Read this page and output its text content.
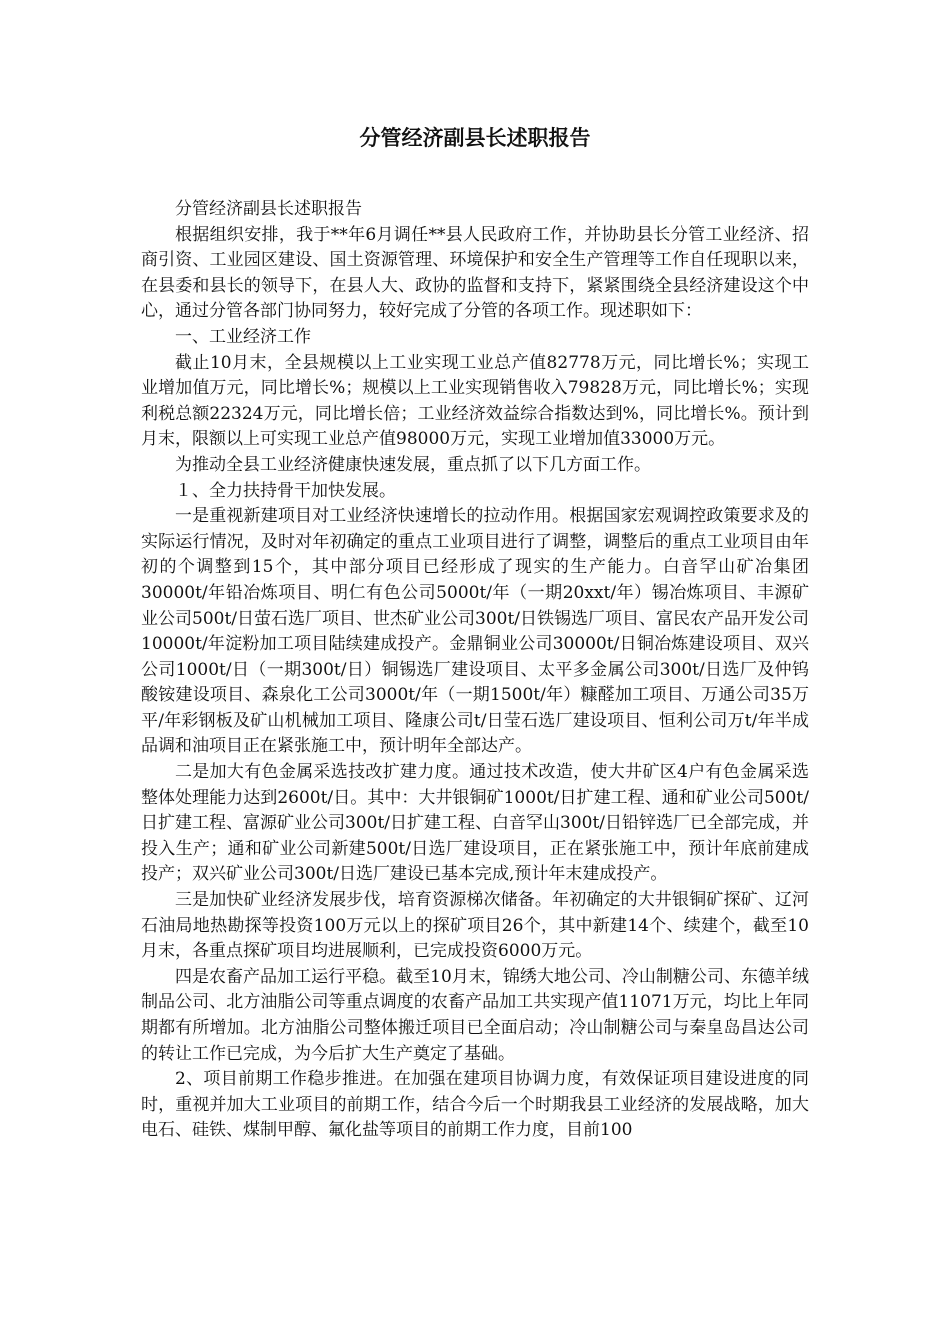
分管经济副县长述职报告

分管经济副县长述职报告

根据组织安排，我于**年6月调任**县人民政府工作，并协助县长分管工业经济、招商引资、工业园区建设、国土资源管理、环境保护和安全生产管理等工作自任现职以来，在县委和县长的领导下，在县人大、政协的监督和支持下，紧紧围绕全县经济建设这个中心，通过分管各部门协同努力，较好完成了分管的各项工作。现述职如下：

一、工业经济工作

截止10月末，全县规模以上工业实现工业总产值82778万元，同比增长%；实现工业增加值万元，同比增长%；规模以上工业实现销售收入79828万元，同比增长%；实现利税总额22324万元，同比增长倍；工业经济效益综合指数达到%，同比增长%。预计到月末，限额以上可实现工业总产值98000万元，实现工业增加值33000万元。

为推动全县工业经济健康快速发展，重点抓了以下几方面工作。

１、全力扶持骨干加快发展。

一是重视新建项目对工业经济快速增长的拉动作用。根据国家宏观调控政策要求及的实际运行情况，及时对年初确定的重点工业项目进行了调整，调整后的重点工业项目由年初的个调整到15个，其中部分项目已经形成了现实的生产能力。白音罕山矿冶集团30000t/年铅冶炼项目、明仁有色公司5000t/年（一期20xxt/年）锡冶炼项目、丰源矿业公司500t/日萤石选厂项目、世杰矿业公司300t/日铁锡选厂项目、富民农产品开发公司10000t/年淀粉加工项目陆续建成投产。金鼎铜业公司30000t/日铜冶炼建设项目、双兴公司1000t/日（一期300t/日）铜锡选厂建设项目、太平多金属公司300t/日选厂及仲钨酸铵建设项目、森泉化工公司3000t/年（一期1500t/年）糠醛加工项目、万通公司35万平/年彩钢板及矿山机械加工项目、隆康公司t/日莹石选厂建设项目、恒利公司万t/年半成品调和油项目正在紧张施工中，预计明年全部达产。

二是加大有色金属采选技改扩建力度。通过技术改造，使大井矿区4户有色金属采选整体处理能力达到2600t/日。其中：大井银铜矿1000t/日扩建工程、通和矿业公司500t/日扩建工程、富源矿业公司300t/日扩建工程、白音罕山300t/日铅锌选厂已全部完成，并投入生产；通和矿业公司新建500t/日选厂建设项目，正在紧张施工中，预计年底前建成投产；双兴矿业公司300t/日选厂建设已基本完成,预计年末建成投产。

三是加快矿业经济发展步伐，培育资源梯次储备。年初确定的大井银铜矿探矿、辽河石油局地热勘探等投资100万元以上的探矿项目26个，其中新建14个、续建个，截至10月末，各重点探矿项目均进展顺利，已完成投资6000万元。

四是农畜产品加工运行平稳。截至10月末，锦绣大地公司、冷山制糖公司、东德羊绒制品公司、北方油脂公司等重点调度的农畜产品加工共实现产值11071万元，均比上年同期都有所增加。北方油脂公司整体搬迁项目已全面启动；冷山制糖公司与秦皇岛昌达公司的转让工作已完成，为今后扩大生产奠定了基础。

2、项目前期工作稳步推进。在加强在建项目协调力度，有效保证项目建设进度的同时，重视并加大工业项目的前期工作，结合今后一个时期我县工业经济的发展战略，加大电石、硅铁、煤制甲醇、氟化盐等项目的前期工作力度，目前100
